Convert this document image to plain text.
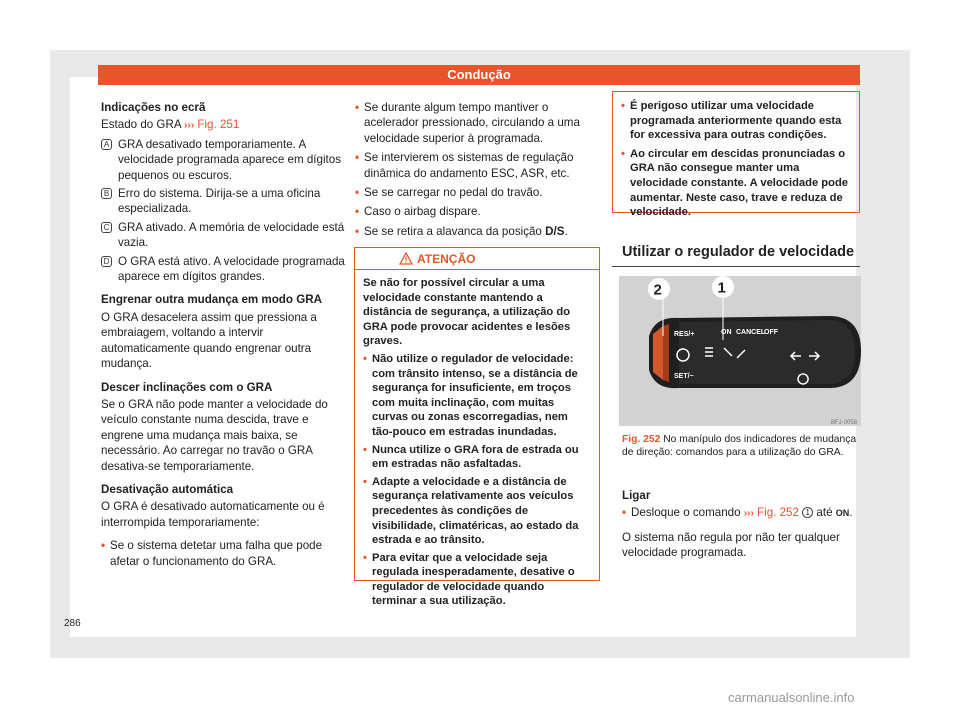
Condução
Indicações no ecrã

Estado do GRA ››› Fig. 251

A GRA desativado temporariamente. A velocidade programada aparece em dígitos pequenos ou escuros.
B Erro do sistema. Dirija-se a uma oficina especializada.
C GRA ativado. A memória de velocidade está vazia.
D O GRA está ativo. A velocidade programada aparece em dígitos grandes.
Engrenar outra mudança em modo GRA

O GRA desacelera assim que pressiona a embraiagem, voltando a intervir automaticamente quando engrenar outra mudança.

Descer inclinações com o GRA

Se o GRA não pode manter a velocidade do veículo constante numa descida, trave e engrene uma mudança mais baixa, se necessário. Ao carregar no travão o GRA desativa-se temporariamente.

Desativação automática

O GRA é desativado automaticamente ou é interrompida temporariamente:

• Se o sistema detetar uma falha que pode afetar o funcionamento do GRA.

• Se durante algum tempo mantiver o acelerador pressionado, circulando a uma velocidade superior à programada.

• Se intervierem os sistemas de regulação dinâmica do andamento ESC, ASR, etc.

• Se se carregar no pedal do travão.

• Caso o airbag dispare.

• Se se retira a alavanca da posição D/S.

ATENÇÃO

Se não for possível circular a uma velocidade constante mantendo a distância de segurança, a utilização do GRA pode provocar acidentes e lesões graves.

• Não utilize o regulador de velocidade: com trânsito intenso, se a distância de segurança for insuficiente, em troços com muita inclinação, com muitas curvas ou zonas escorregadias, nem tão-pouco em estradas inundadas.

• Nunca utilize o GRA fora de estrada ou em estradas não asfaltadas.

• Adapte a velocidade e a distância de segurança relativamente aos veículos precedentes às condições de visibilidade, climatéricas, ao estado da estrada e ao trânsito.

• Para evitar que a velocidade seja regulada inesperadamente, desative o regulador de velocidade quando terminar a sua utilização.

• É perigoso utilizar uma velocidade programada anteriormente quando esta for excessiva para outras condições.

• Ao circular em descidas pronunciadas o GRA não consegue manter uma velocidade constante. A velocidade pode aumentar. Neste caso, trave e reduza de velocidade.

Utilizar o regulador de velocidade
ON CANCEL
OFF
RES/+
SET/−
1
2
BFJ-0058
Fig. 252 No manípulo dos indicadores de mudança de direção: comandos para a utilização do GRA.
Ligar

• Desloque o comando ››› Fig. 252 1 até ON.

O sistema não regula por não ter qualquer velocidade programada.

286
carmanualsonline.info
